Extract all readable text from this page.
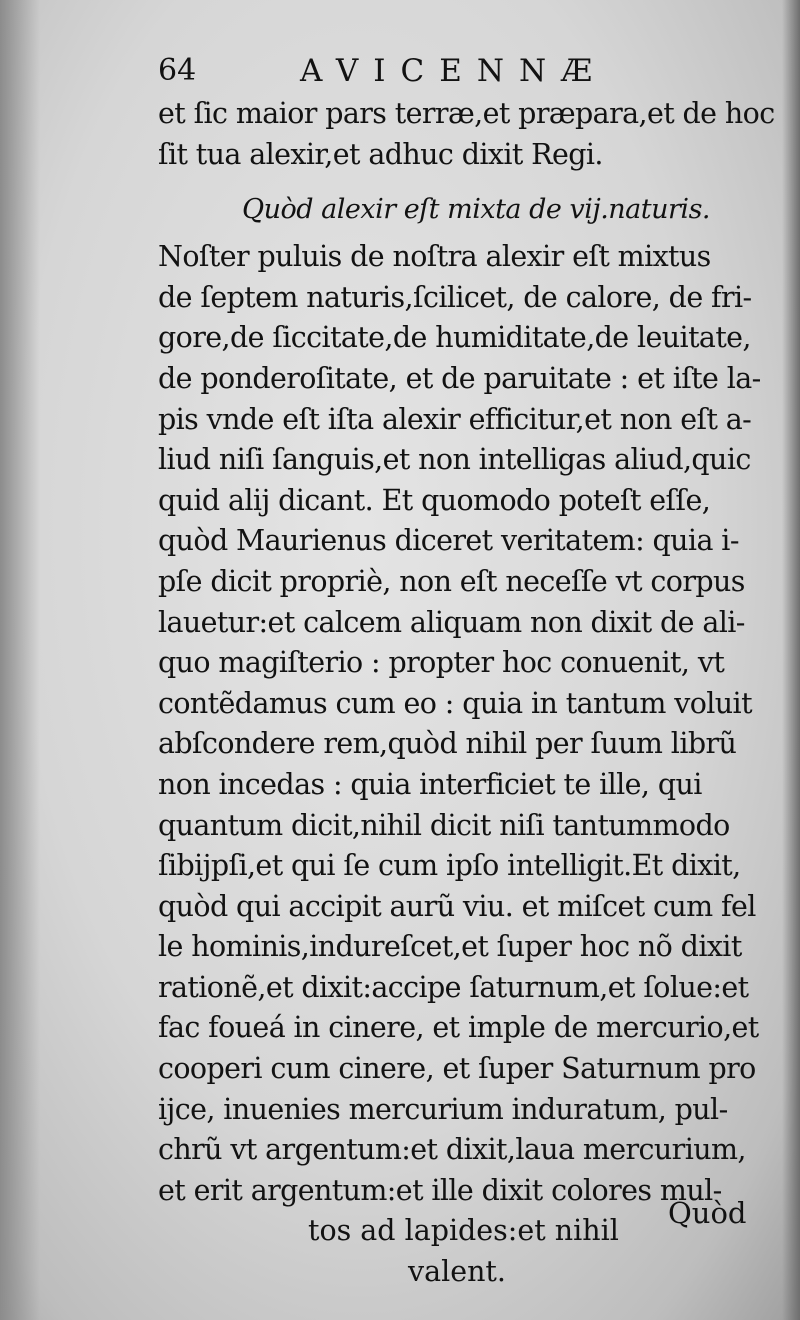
64	AVICENNÆ
et ſic maior pars terræ,et præpara,et de hoc
ſit tua alexir,et adhuc dixit Regi.
Quòd alexir eſt mixta de vij.naturis.
Noſter puluis de noſtra alexir eſt mixtus
de ſeptem naturis,ſcilicet, de calore, de fri-
gore,de ſiccitate,de humiditate,de leuitate,
de ponderoſitate, et de paruitate : et iſte la-
pis vnde eſt iſta alexir efficitur,et non eſt a-
liud niſi ſanguis,et non intelligas aliud,quic
quid alij dicant. Et quomodo poteſt eſſe,
quòd Maurienus diceret veritatem: quia i-
pſe dicit propriè, non eſt neceſſe vt corpus
lauetur:et calcem aliquam non dixit de ali-
quo magiſterio : propter hoc conuenit, vt
contẽdamus cum eo : quia in tantum voluit
abſcondere rem,quòd nihil per ſuum librũ
non incedas : quia interficiet te ille, qui
quantum dicit,nihil dicit niſi tantummodo
ſibijpſi,et qui ſe cum ipſo intelligit.Et dixit,
quòd qui accipit aurũ viu. et miſcet cum fel
le hominis,indureſcet,et ſuper hoc nõ dixit
rationẽ,et dixit:accipe ſaturnum,et ſolue:et
fac foueá in cinere, et imple de mercurio,et
cooperi cum cinere, et ſuper Saturnum pro
ijce, inuenies mercurium induratum, pul-
chrũ vt argentum:et dixit,laua mercurium,
et erit argentum:et ille dixit colores mul-
tos ad lapides:et nihil
valent.
Quòd
